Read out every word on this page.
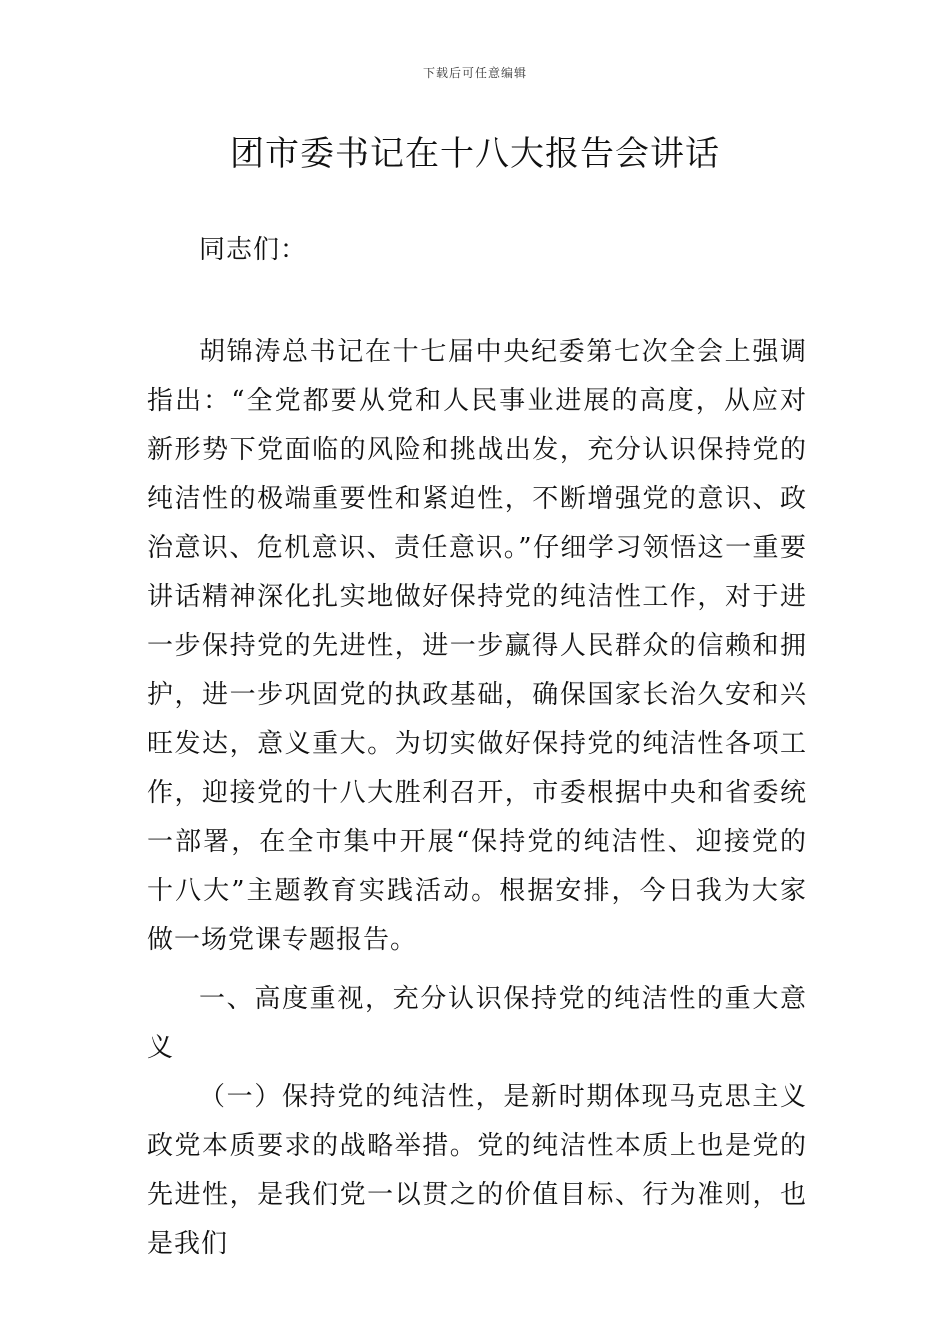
下载后可任意编辑
团市委书记在十八大报告会讲话

同志们：

胡锦涛总书记在十七届中央纪委第七次全会上强调指出：“全党都要从党和人民事业进展的高度，从应对新形势下党面临的风险和挑战出发，充分认识保持党的纯洁性的极端重要性和紧迫性，不断增强党的意识、政治意识、危机意识、责任意识。”仔细学习领悟这一重要讲话精神深化扎实地做好保持党的纯洁性工作，对于进一步保持党的先进性，进一步赢得人民群众的信赖和拥护，进一步巩固党的执政基础，确保国家长治久安和兴旺发达，意义重大。为切实做好保持党的纯洁性各项工作，迎接党的十八大胜利召开，市委根据中央和省委统一部署，在全市集中开展“保持党的纯洁性、迎接党的十八大”主题教育实践活动。根据安排，今日我为大家做一场党课专题报告。

一、高度重视，充分认识保持党的纯洁性的重大意义

（一）保持党的纯洁性，是新时期体现马克思主义政党本质要求的战略举措。党的纯洁性本质上也是党的先进性，是我们党一以贯之的价值目标、行为准则，也是我们
